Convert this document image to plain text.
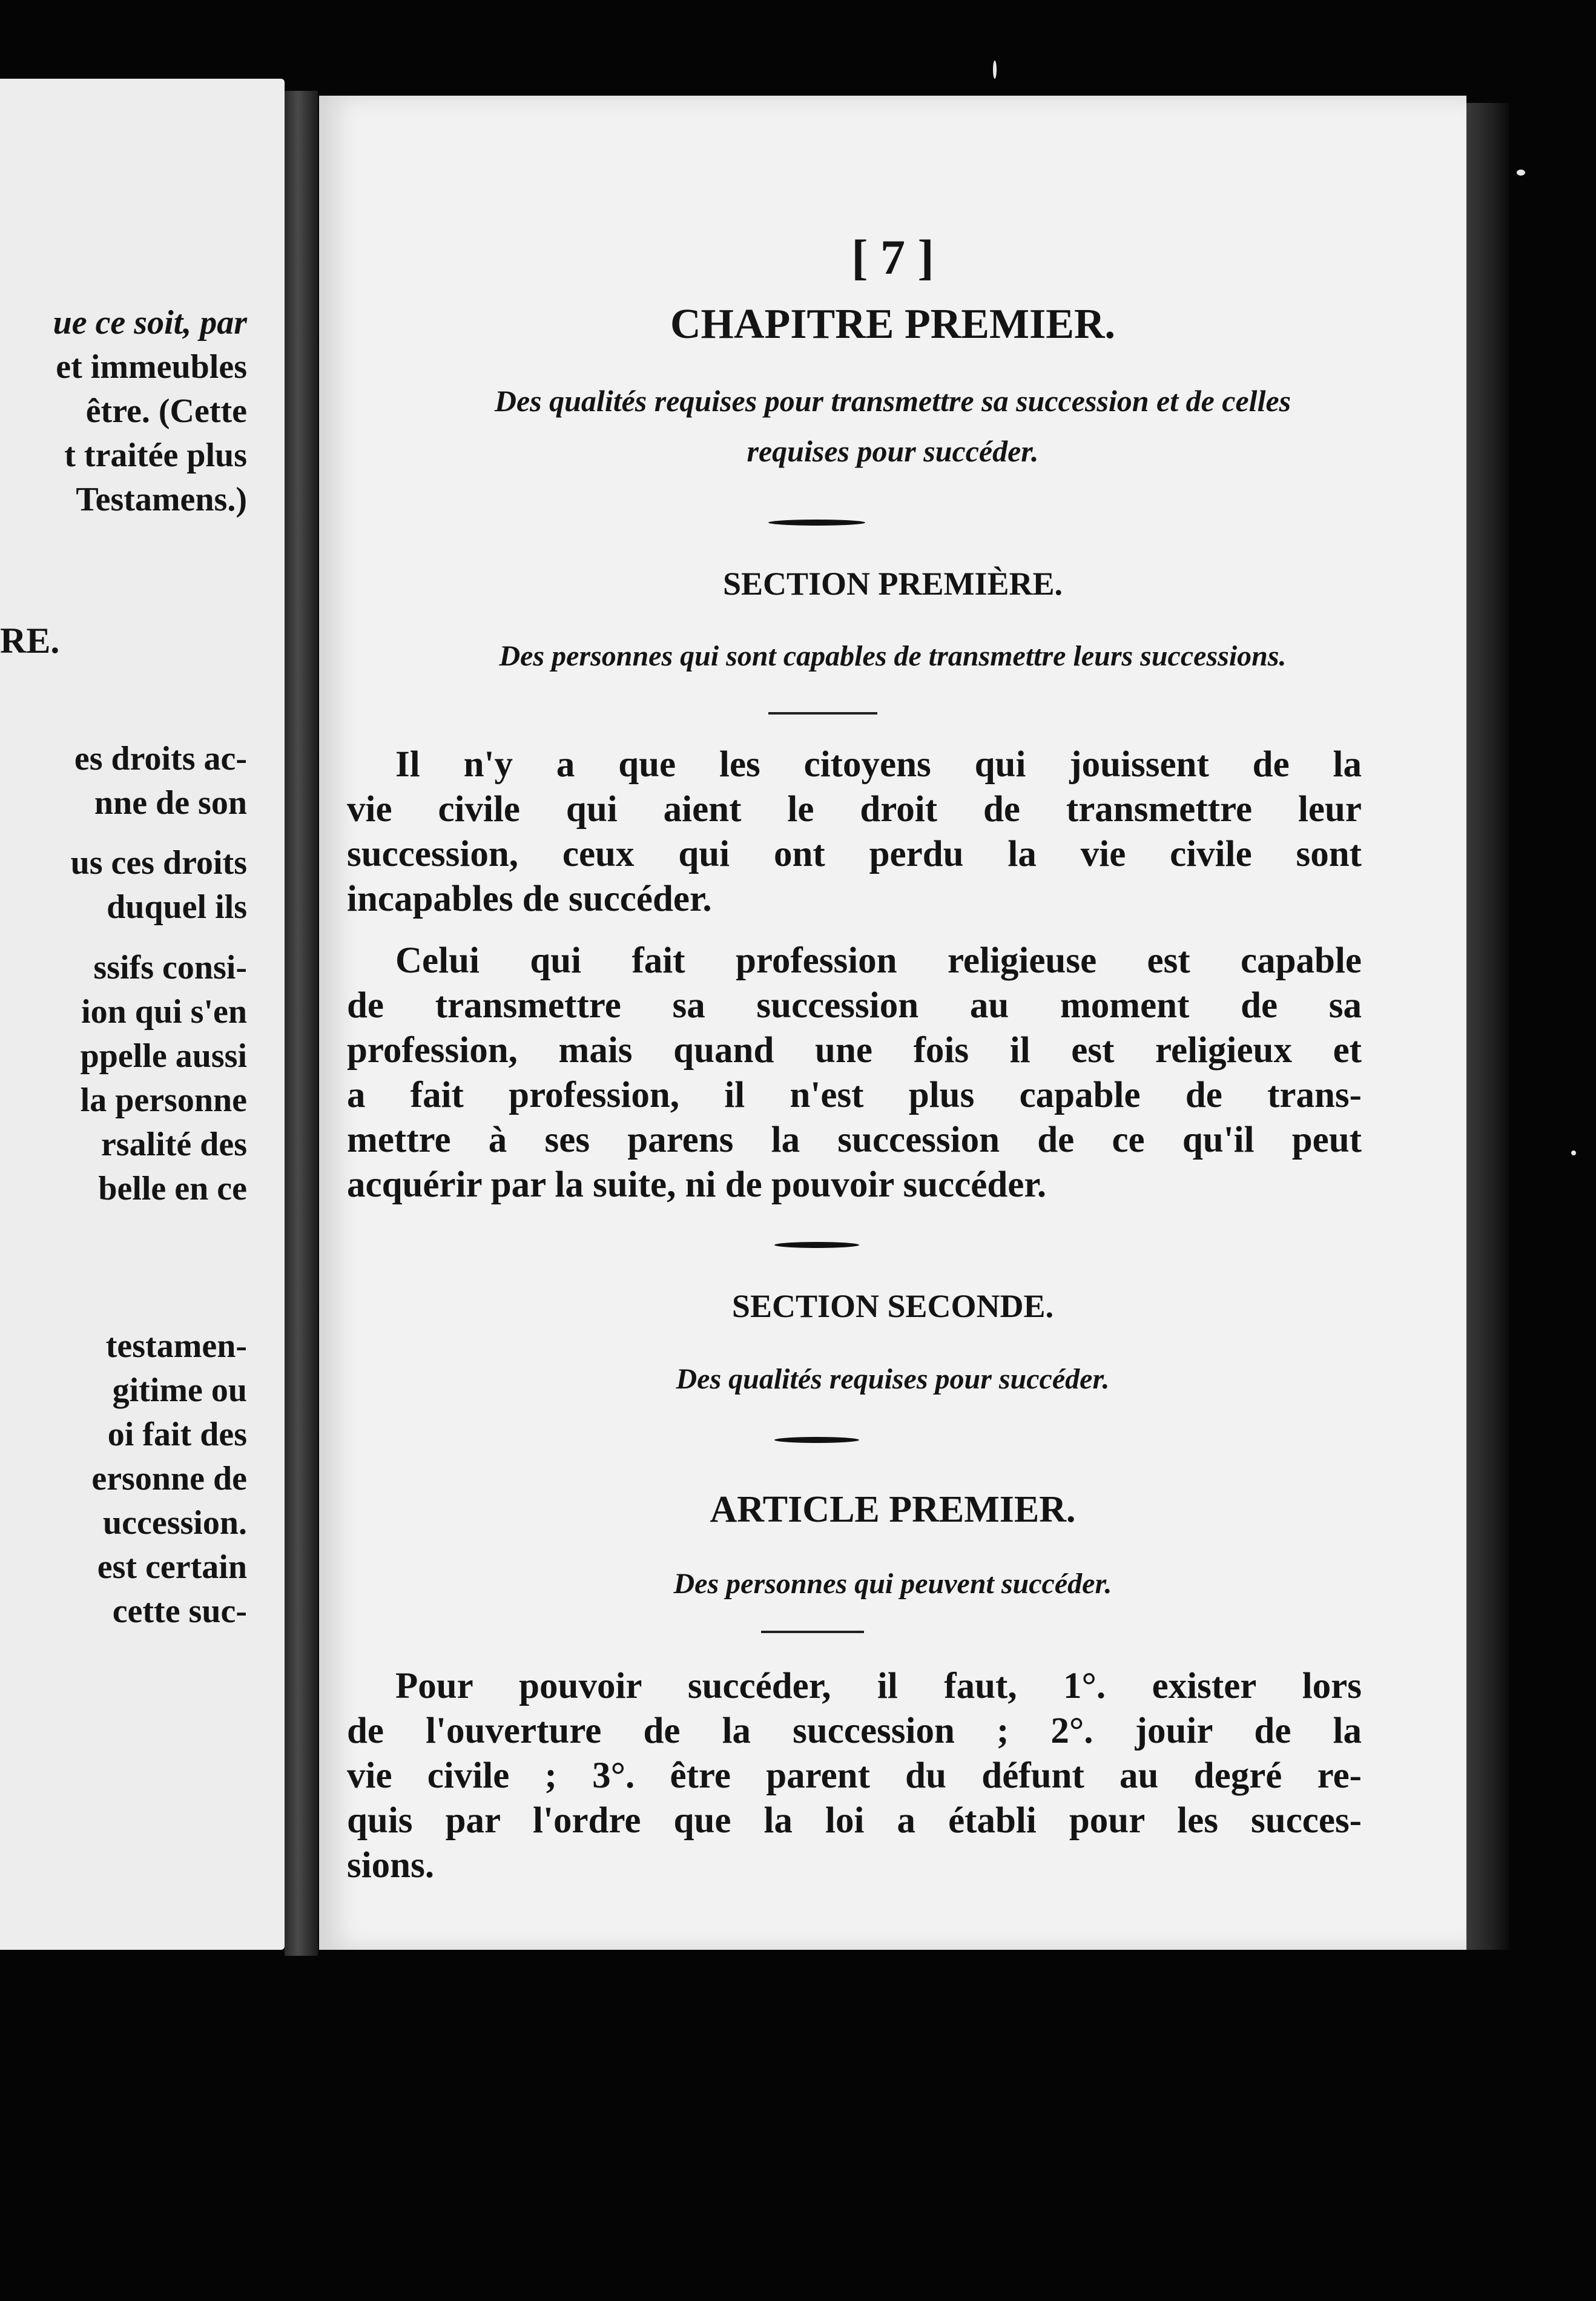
ue ce soit, par
et immeubles
être. (Cette
t traitée plus
Testamens.)
RE.
es droits ac-
nne de son
us ces droits
duquel ils
ssifs consi-
ion qui s'en
ppelle aussi
la personne
rsalité des
belle en ce
testamen-
gitime ou
oi fait des
ersonne de
uccession.
est certain
cette suc-
[ 7 ]
CHAPITRE PREMIER.
Des qualités requises pour transmettre sa succession et de celles
requises pour succéder.
SECTION PREMIÈRE.
Des personnes qui sont capables de transmettre leurs successions.
Il n'y a que les citoyens qui jouissent de la
vie civile qui aient le droit de transmettre leur
succession, ceux qui ont perdu la vie civile sont
incapables de succéder.
Celui qui fait profession religieuse est capable
de transmettre sa succession au moment de sa
profession, mais quand une fois il est religieux et
a fait profession, il n'est plus capable de trans-
mettre à ses parens la succession de ce qu'il peut
acquérir par la suite, ni de pouvoir succéder.
SECTION SECONDE.
Des qualités requises pour succéder.
ARTICLE PREMIER.
Des personnes qui peuvent succéder.
Pour pouvoir succéder, il faut, 1°. exister lors
de l'ouverture de la succession ; 2°. jouir de la
vie civile ; 3°. être parent du défunt au degré re-
quis par l'ordre que la loi a établi pour les succes-
sions.
